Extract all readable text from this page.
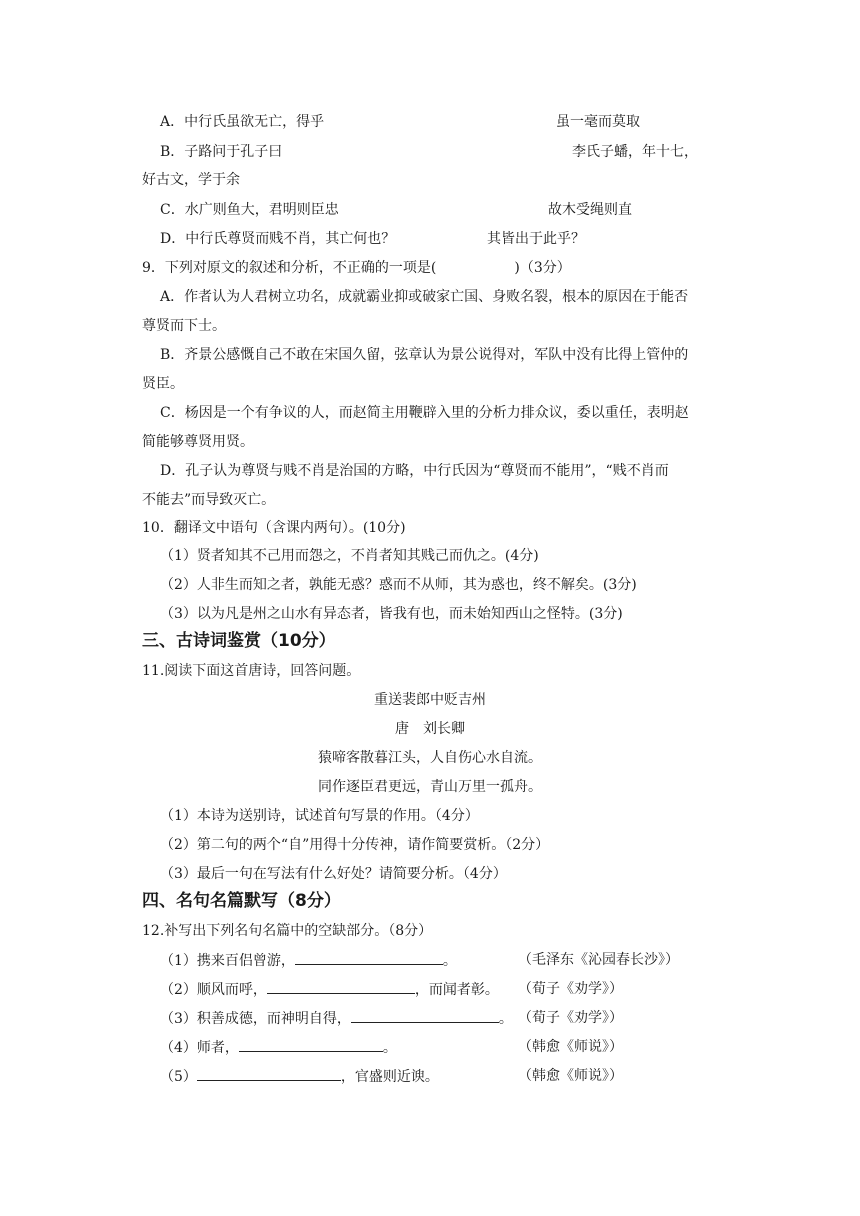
A．中行氏虽欲无亡，得乎	虽一毫而莫取
B．子路问于孔子曰	李氏子蟠，年十七，
好古文，学于余
C．水广则鱼大，君明则臣忠	故木受绳则直
D．中行氏尊贤而贱不肖，其亡何也？	其皆出于此乎？
9．下列对原文的叙述和分析，不正确的一项是(	)（3分）
A．作者认为人君树立功名，成就霸业抑或破家亡国、身败名裂，根本的原因在于能否
尊贤而下士。
B．齐景公感慨自己不敢在宋国久留，弦章认为景公说得对，军队中没有比得上管仲的
贤臣。
C．杨因是一个有争议的人，而赵简主用鞭辟入里的分析力排众议，委以重任，表明赵
简能够尊贤用贤。
D．孔子认为尊贤与贱不肖是治国的方略，中行氏因为“尊贤而不能用”，“贱不肖而
不能去”而导致灭亡。
10．翻译文中语句（含课内两句）。(10分)
（1）贤者知其不己用而怨之，不肖者知其贱己而仇之。(4分)
（2）人非生而知之者，孰能无惑？惑而不从师，其为惑也，终不解矣。(3分)
（3）以为凡是州之山水有异态者，皆我有也，而未始知西山之怪特。(3分)
三、古诗词鉴赏（10分）
11.阅读下面这首唐诗，回答问题。
重送裴郎中贬吉州
唐　刘长卿
猿啼客散暮江头，人自伤心水自流。
同作逐臣君更远，青山万里一孤舟。
（1）本诗为送别诗，试述首句写景的作用。（4分）
（2）第二句的两个“自”用得十分传神，请作简要赏析。（2分）
（3）最后一句在写法有什么好处？请简要分析。（4分）
四、名句名篇默写（8分）
12.补写出下列名句名篇中的空缺部分。（8分）
（1）携来百侣曾游，	。	（毛泽东《沁园春长沙》）
（2）顺风而呼，	，而闻者彰。 （荀子《劝学》）
（3）积善成德，而神明自得，	。 （荀子《劝学》）
（4）师者，	。	（韩愈《师说》）
（5）	，官盛则近谀。	（韩愈《师说》）
